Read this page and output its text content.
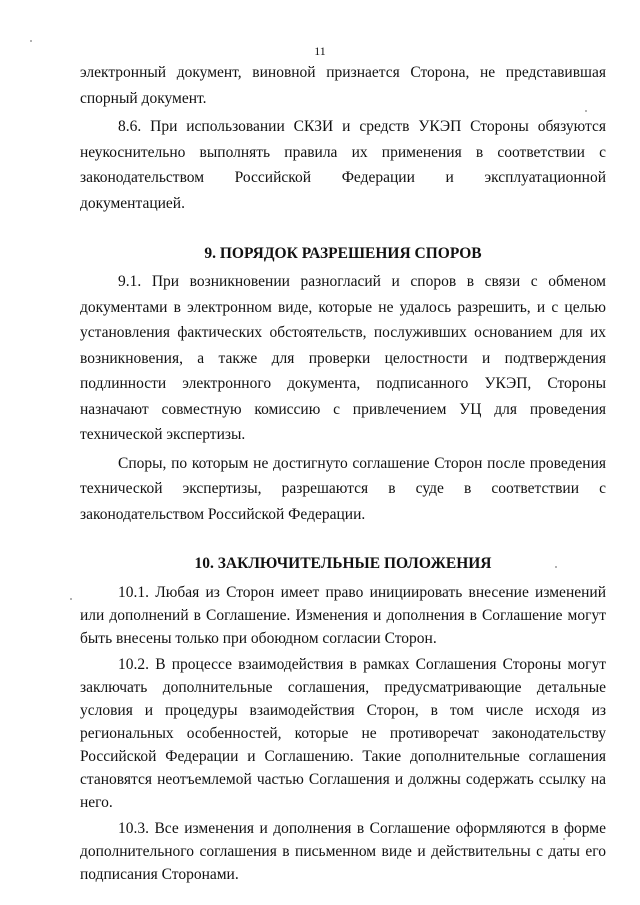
11

электронный документ, виновной признается Сторона, не представившая спорный документ.

8.6. При использовании СКЗИ и средств УКЭП Стороны обязуются неукоснительно выполнять правила их применения в соответствии с законодательством Российской Федерации и эксплуатационной документацией.

9. ПОРЯДОК РАЗРЕШЕНИЯ СПОРОВ

9.1. При возникновении разногласий и споров в связи с обменом документами в электронном виде, которые не удалось разрешить, и с целью установления фактических обстоятельств, послуживших основанием для их возникновения, а также для проверки целостности и подтверждения подлинности электронного документа, подписанного УКЭП, Стороны назначают совместную комиссию с привлечением УЦ для проведения технической экспертизы.

Споры, по которым не достигнуто соглашение Сторон после проведения технической экспертизы, разрешаются в суде в соответствии с законодательством Российской Федерации.

10. ЗАКЛЮЧИТЕЛЬНЫЕ ПОЛОЖЕНИЯ

10.1. Любая из Сторон имеет право инициировать внесение изменений или дополнений в Соглашение. Изменения и дополнения в Соглашение могут быть внесены только при обоюдном согласии Сторон.

10.2. В процессе взаимодействия в рамках Соглашения Стороны могут заключать дополнительные соглашения, предусматривающие детальные условия и процедуры взаимодействия Сторон, в том числе исходя из региональных особенностей, которые не противоречат законодательству Российской Федерации и Соглашению. Такие дополнительные соглашения становятся неотъемлемой частью Соглашения и должны содержать ссылку на него.

10.3. Все изменения и дополнения в Соглашение оформляются в форме дополнительного соглашения в письменном виде и действительны с даты его подписания Сторонами.
